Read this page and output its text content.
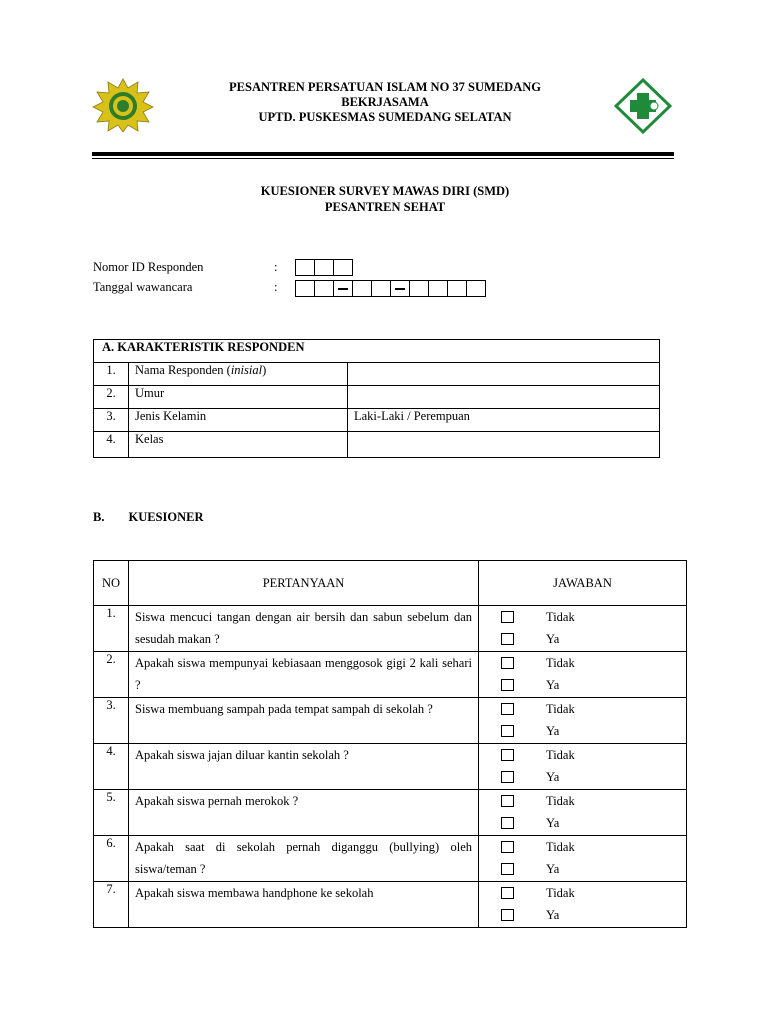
PESANTREN PERSATUAN ISLAM NO 37 SUMEDANG
BEKRJASAMA
UPTD. PUSKESMAS SUMEDANG SELATAN
KUESIONER SURVEY MAWAS DIRI (SMD)
PESANTREN SEHAT
Nomor ID Responden	:
Tanggal wawancara	:
A. KARAKTERISTIK RESPONDEN		
1.	Nama Responden (inisial)	
2.	Umur	
3.	Jenis Kelamin	Laki-Laki / Perempuan
4.	Kelas	
B. KUESIONER
NO	PERTANYAAN	JAWABAN
1.	Siswa mencuci tangan dengan air bersih dan sabun sebelum dan sesudah makan ?	Tidak
Ya

2.	Apakah siswa mempunyai kebiasaan menggosok gigi 2 kali sehari ?	Tidak
Ya

3.	Siswa membuang sampah pada tempat sampah di sekolah ?	Tidak
Ya

4.	Apakah siswa jajan diluar kantin sekolah ?	Tidak
Ya

5.	Apakah siswa pernah merokok ?	Tidak
Ya

6.	Apakah saat di sekolah pernah diganggu (bullying) oleh siswa/teman ?	Tidak
Ya

7.	Apakah siswa membawa handphone ke sekolah	Tidak
Ya
